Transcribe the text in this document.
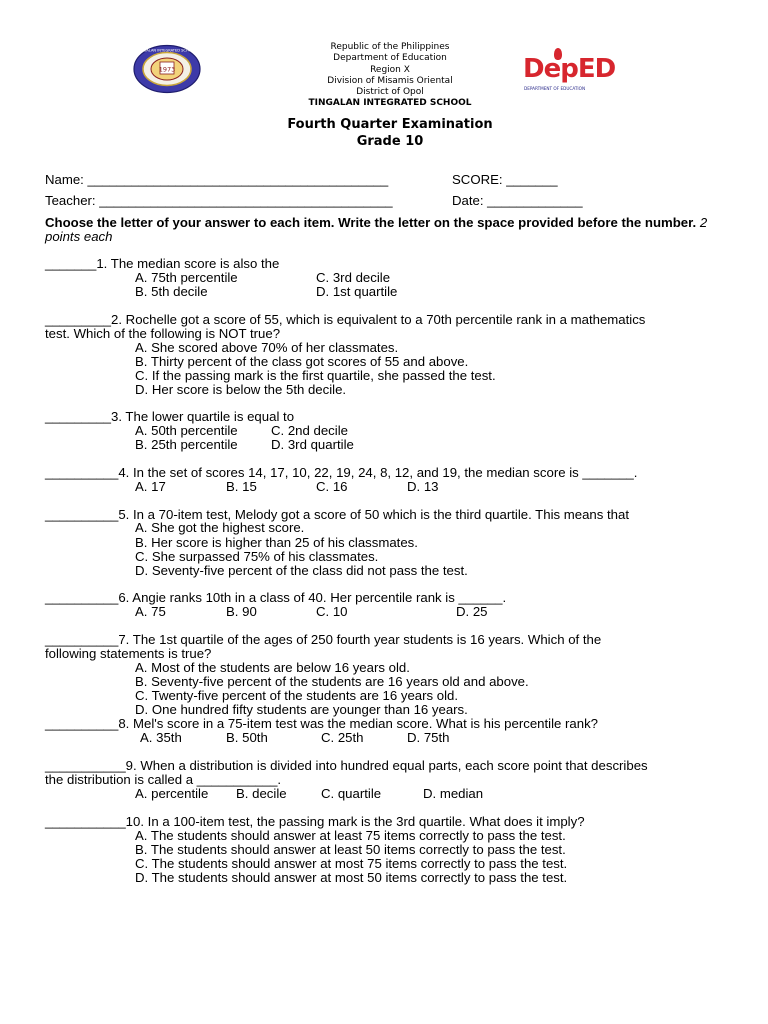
1973
TINGALAN INTEGRATED SCHOOL
DepED
DEPARTMENT OF EDUCATION
Republic of the Philippines
Department of Education
Region X
Division of Misamis Oriental
District of Opol
TINGALAN INTEGRATED SCHOOL
Fourth Quarter Examination
Grade 10
Name: _________________________________________	SCORE: _______
Teacher: ________________________________________	Date: _____________
Choose the letter of your answer to each item. Write the letter on the space provided before the number. 2 points each
_______1. The median score is also the
A. 75th percentile	C. 3rd decile
B. 5th decile	D. 1st quartile
_________2. Rochelle got a score of 55, which is equivalent to a 70th percentile rank in a mathematics
test. Which of the following is NOT true?
A. She scored above 70% of her classmates.
B. Thirty percent of the class got scores of 55 and above.
C. If the passing mark is the first quartile, she passed the test.
D. Her score is below the 5th decile.
_________3. The lower quartile is equal to
A. 50th percentile	C. 2nd decile
B. 25th percentile	D. 3rd quartile
__________4. In the set of scores 14, 17, 10, 22, 19, 24, 8, 12, and 19, the median score is _______.
A. 17	B. 15	C. 16	D. 13
__________5. In a 70-item test, Melody got a score of 50 which is the third quartile. This means that
A. She got the highest score.
B. Her score is higher than 25 of his classmates.
C. She surpassed 75% of his classmates.
D. Seventy-five percent of the class did not pass the test.
__________6. Angie ranks 10th in a class of 40. Her percentile rank is ______.
A. 75	B. 90	C. 10	D. 25
__________7. The 1st quartile of the ages of 250 fourth year students is 16 years. Which of the
following statements is true?
A. Most of the students are below 16 years old.
B. Seventy-five percent of the students are 16 years old and above.
C. Twenty-five percent of the students are 16 years old.
D. One hundred fifty students are younger than 16 years.
__________8. Mel's score in a 75-item test was the median score. What is his percentile rank?
A. 35th	B. 50th	C. 25th	D. 75th
___________9. When a distribution is divided into hundred equal parts, each score point that describes
the distribution is called a ___________.
A. percentile B. decile	C. quartile	D. median
___________10. In a 100-item test, the passing mark is the 3rd quartile. What does it imply?
A. The students should answer at least 75 items correctly to pass the test.
B. The students should answer at least 50 items correctly to pass the test.
C. The students should answer at most 75 items correctly to pass the test.
D. The students should answer at most 50 items correctly to pass the test.
